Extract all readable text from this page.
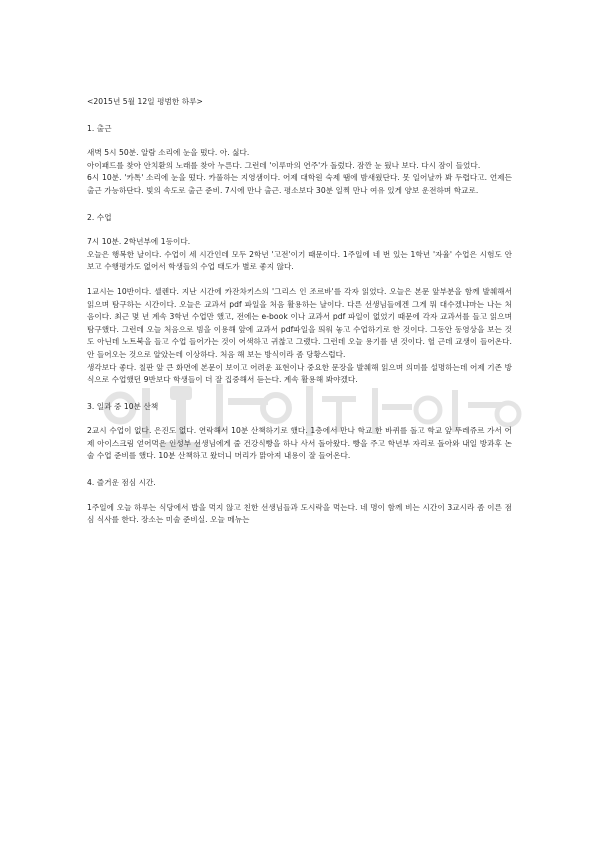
<2015년 5월 12일 평범한 하루>

1. 출근

새벽 5시 50분. 알람 소리에 눈을 떴다. 아. 싫다.

아이패드를 찾아 안치환의 노래를 찾아 누른다. 그런데 '이루마의 연주'가 돌렀다. 잠깐 눈 뒀나 보다. 다시 잠이 들었다.

6시 10분. '카톡' 소리에 눈을 떴다. 카풀하는 지영샘이다. 어제 대학원 숙제 땜에 밤새웠단다. 못 일어날까 봐 두렵다고. 언제든 출근 가능하단다. 빛의 속도로 출근 준비. 7시에 만나 출근. 평소보다 30분 일찍 만나 여유 있게 양보 운전하며 학교로.

2. 수업

7시 10분. 2학년부에 1등이다.

오늘은 행복한 날이다. 수업이 세 시간인데 모두 2학년 '고전'이기 때문이다. 1주일에 네 번 있는 1학년 '자율' 수업은 시험도 안 보고 수행평가도 없어서 학생들의 수업 태도가 별로 좋지 않다.

1교시는 10반이다. 셀렌다. 지난 시간에 카잔차키스의 '그리스 인 조르바'를 각자 읽었다. 오늘은 본문 앞부분을 함께 발췌해서 읽으며 탐구하는 시간이다. 오늘은 교과서 pdf 파일을 처음 활용하는 날이다. 다른 선생님들에겐 그게 뭐 대수겠냐마는 나는 처음이다. 최근 몇 년 계속 3학년 수업만 했고, 전에는 e-book 이나 교과서 pdf 파일이 없었기 때문에 각자 교과서를 들고 읽으며 탐구했다. 그런데 오늘 처음으로 빔을 이용해 앞에 교과서 pdf파일을 띄워 놓고 수업하기로 한 것이다. 그동안 동영상을 보는 것도 아닌데 노트북을 들고 수업 들어가는 것이 어색하고 귀찮고 그랬다. 그런데 오늘 용기를 낸 것이다. 헐 근데 교생이 들어온다. 안 들어오는 것으로 알았는데 이상하다. 처음 해 보는 방식이라 좀 당황스럽다.

생각보다 좋다. 칠판 앞 큰 화면에 본문이 보이고 어려운 표현이나 중요한 문장을 발췌해 읽으며 의미를 설명하는데 어제 기존 방식으로 수업했던 9반보다 학생들이 더 잘 집중해서 듣는다. 계속 활용해 봐야겠다.

3. 일과 중 10분 산책

2교시 수업이 없다. 은진도 없다. 연락해서 10분 산책하기로 했다. 1층에서 만나 학교 한 바퀴를 돌고 학교 앞 뚜레쥬르 가서 어제 아이스크림 얻어먹은 인성부 선생님에게 줄 건강식빵을 하나 사서 돌아왔다. 빵을 주고 학년부 자리로 돌아와 내일 방과후 논술 수업 준비를 했다. 10분 산책하고 왔더니 머리가 맑아져 내용이 잘 들어온다.

4. 즐거운 점심 시간.

1주일에 오늘 하루는 식당에서 밥을 먹지 않고 친한 선생님들과 도시락을 먹는다. 네 명이 함께 비는 시간이 3교시라 좀 이른 점심 식사를 한다. 장소는 미술 준비실. 오늘 메뉴는
